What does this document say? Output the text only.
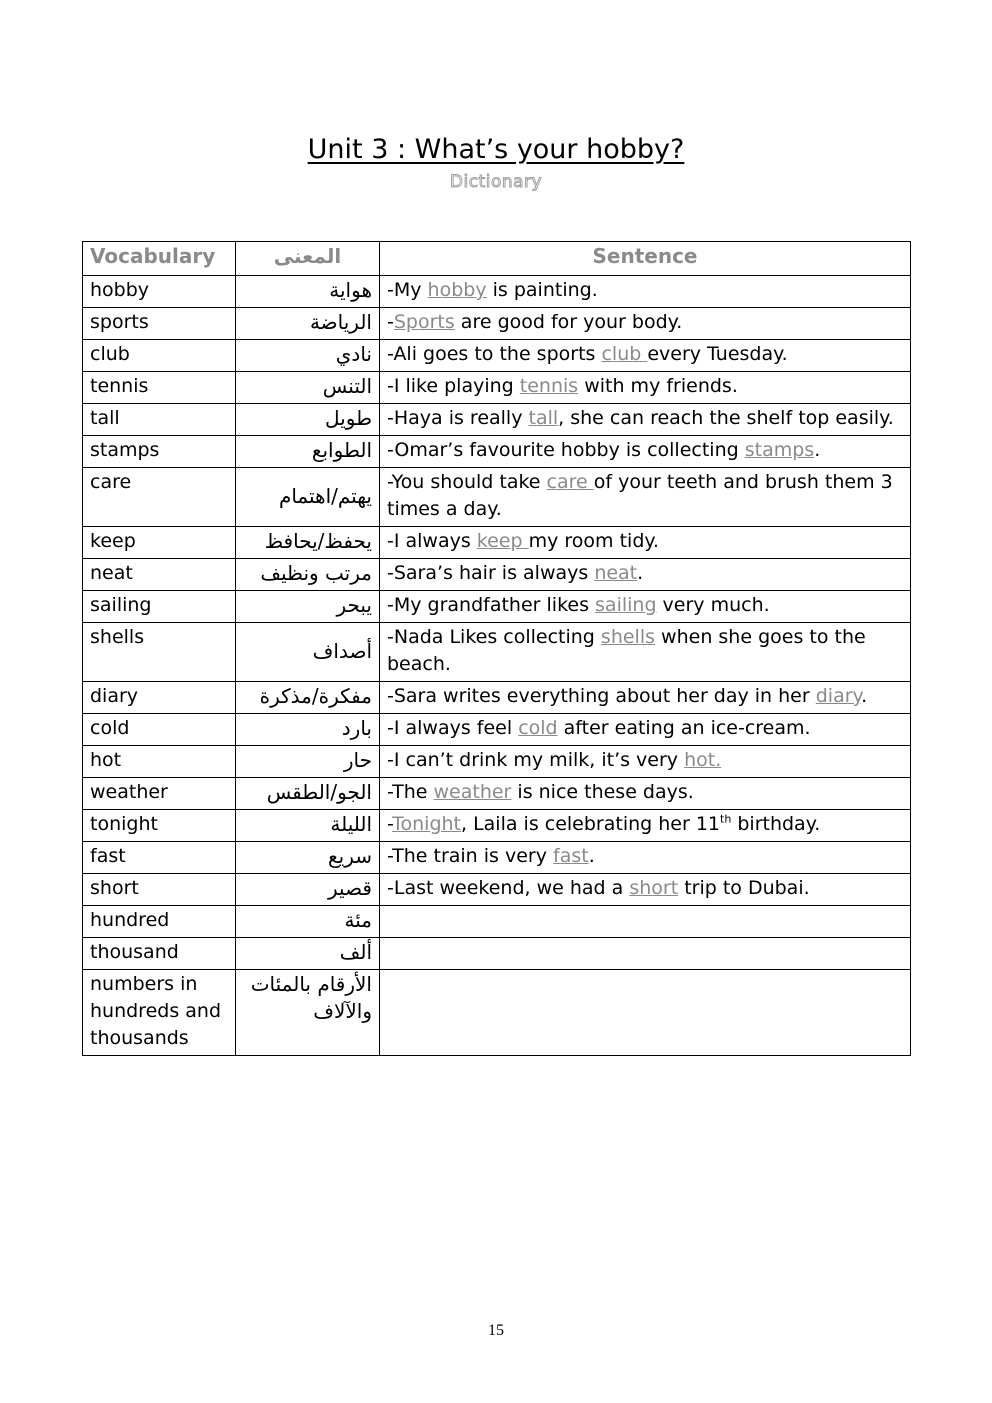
Unit 3 : What’s your hobby?
Dictionary
Vocabulary	المعنى	Sentence
hobby	هواية	-My hobby is painting.
sports	الرياضة	-Sports are good for your body.
club	نادي	-Ali goes to the sports club every Tuesday.
tennis	التنس	-I like playing tennis with my friends.
tall	طويل	-Haya is really tall, she can reach the shelf top easily.
stamps	الطوابع	-Omar’s favourite hobby is collecting stamps.
care	يهتم/اهتمام	-You should take care of your teeth and brush them 3 times a day.
keep	يحفظ/يحافظ	-I always keep my room tidy.
neat	مرتب ونظيف	-Sara’s hair is always neat.
sailing	يبحر	-My grandfather likes sailing very much.
shells	أصداف	-Nada Likes collecting shells when she goes to the beach.
diary	مفكرة/مذكرة	-Sara writes everything about her day in her diary.
cold	بارد	-I always feel cold after eating an ice-cream.
hot	حار	-I can’t drink my milk, it’s very hot.
weather	الجو/الطقس	-The weather is nice these days.
tonight	الليلة	-Tonight, Laila is celebrating her 11th birthday.
fast	سريع	-The train is very fast.
short	قصير	-Last weekend, we had a short trip to Dubai.
hundred	مئة	
thousand	ألف	
numbers in hundreds and thousands	الأرقام بالمئات والآلاف	
15
